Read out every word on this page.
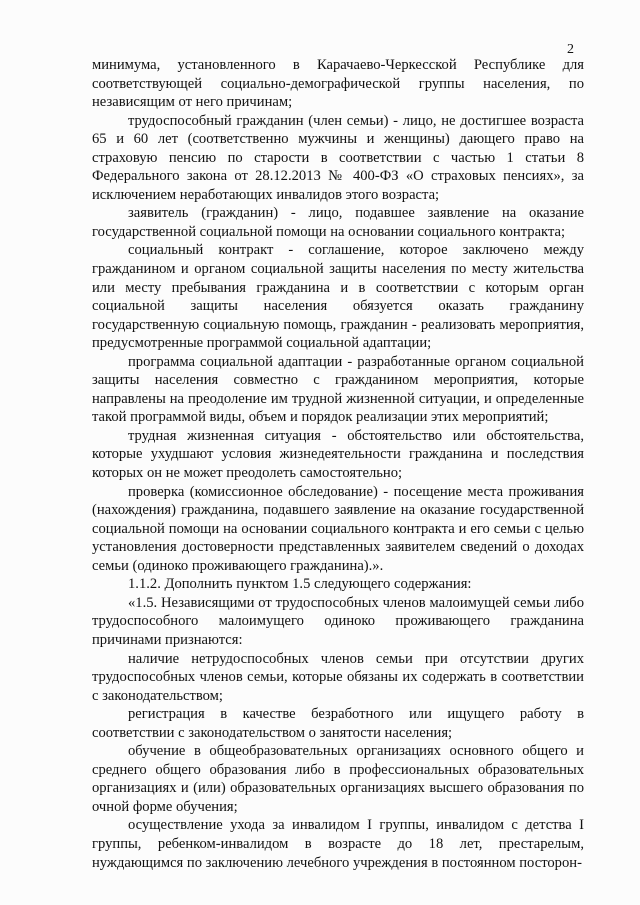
2

минимума, установленного в Карачаево-Черкесской Республике для соответствующей социально-демографической группы населения, по независящим от него причинам;

трудоспособный гражданин (член семьи) - лицо, не достигшее возраста 65 и 60 лет (соответственно мужчины и женщины) дающего право на страховую пенсию по старости в соответствии с частью 1 статьи 8 Федерального закона от 28.12.2013 № 400-ФЗ «О страховых пенсиях», за исключением неработающих инвалидов этого возраста;

заявитель (гражданин) - лицо, подавшее заявление на оказание государственной социальной помощи на основании социального контракта;

социальный контракт - соглашение, которое заключено между гражданином и органом социальной защиты населения по месту жительства или месту пребывания гражданина и в соответствии с которым орган социальной защиты населения обязуется оказать гражданину государственную социальную помощь, гражданин - реализовать мероприятия, предусмотренные программой социальной адаптации;

программа социальной адаптации - разработанные органом социальной защиты населения совместно с гражданином мероприятия, которые направлены на преодоление им трудной жизненной ситуации, и определенные такой программой виды, объем и порядок реализации этих мероприятий;

трудная жизненная ситуация - обстоятельство или обстоятельства, которые ухудшают условия жизнедеятельности гражданина и последствия которых он не может преодолеть самостоятельно;

проверка (комиссионное обследование) - посещение места проживания (нахождения) гражданина, подавшего заявление на оказание государственной социальной помощи на основании социального контракта и его семьи с целью установления достоверности представленных заявителем сведений о доходах семьи (одиноко проживающего гражданина).».

1.1.2. Дополнить пунктом 1.5 следующего содержания:

«1.5. Независящими от трудоспособных членов малоимущей семьи либо трудоспособного малоимущего одиноко проживающего гражданина причинами признаются:

наличие нетрудоспособных членов семьи при отсутствии других трудоспособных членов семьи, которые обязаны их содержать в соответствии с законодательством;

регистрация в качестве безработного или ищущего работу в соответствии с законодательством о занятости населения;

обучение в общеобразовательных организациях основного общего и среднего общего образования либо в профессиональных образовательных организациях и (или) образовательных организациях высшего образования по очной форме обучения;

осуществление ухода за инвалидом I группы, инвалидом с детства I группы, ребенком-инвалидом в возрасте до 18 лет, престарелым, нуждающимся по заключению лечебного учреждения в постоянном посторон-
